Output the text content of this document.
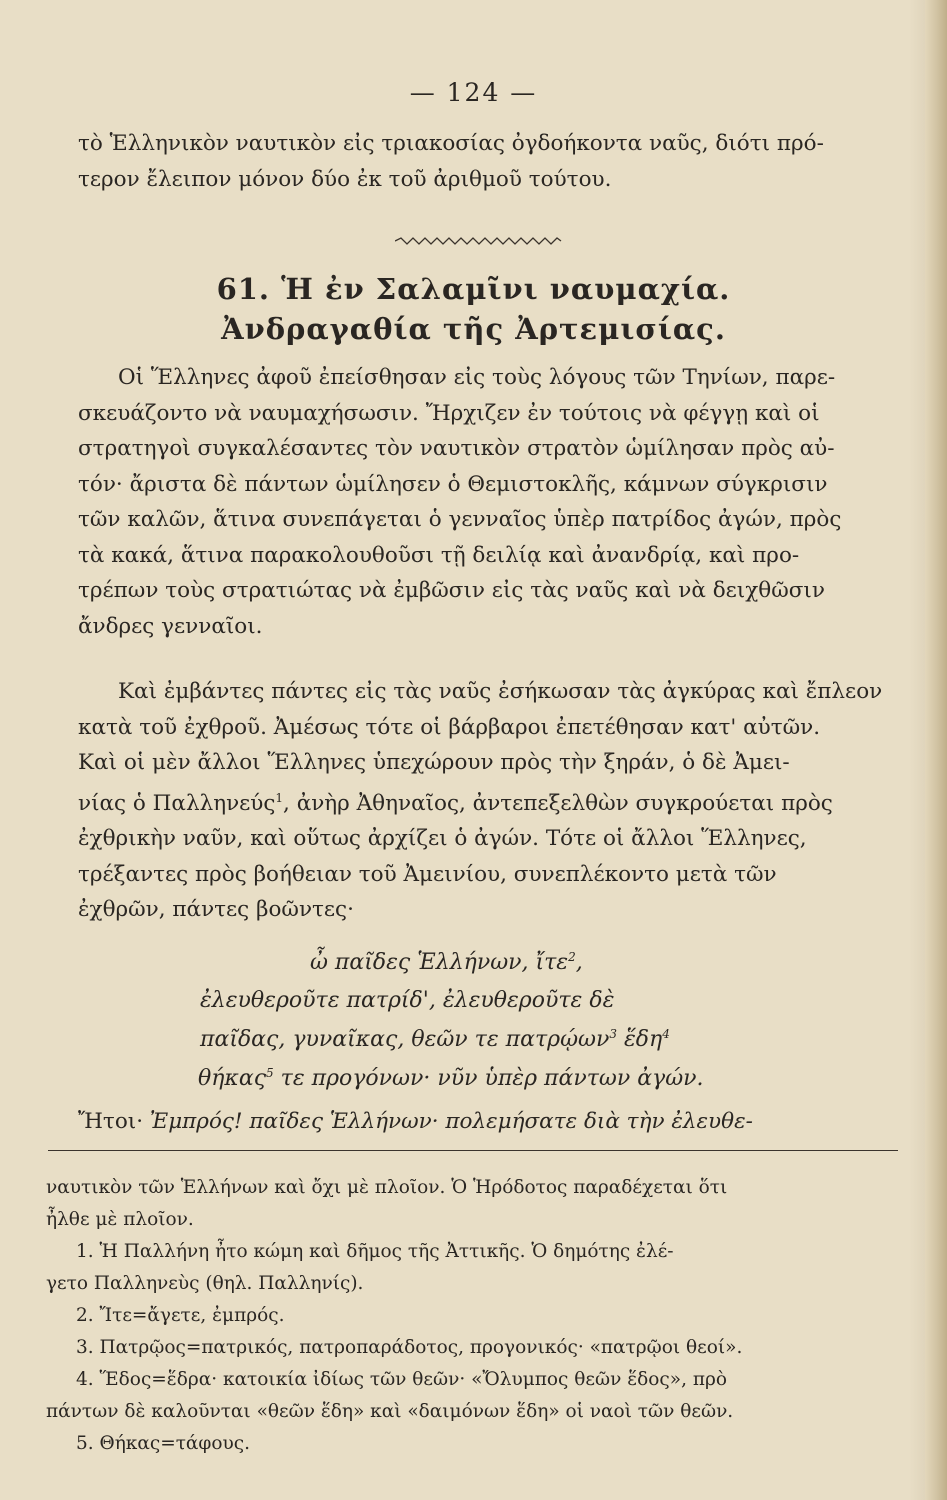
— 124 —
τὸ Ἑλληνικὸν ναυτικὸν εἰς τριακοσίας ὀγδοήκοντα ναῦς, διότι πρό-
τερον ἔλειπον μόνον δύο ἐκ τοῦ ἀριθμοῦ τούτου.
61. Ἡ ἐν Σαλαμῖνι ναυμαχία.
Ἀνδραγαθία τῆς Ἀρτεμισίας.
Οἱ Ἕλληνες ἀφοῦ ἐπείσθησαν εἰς τοὺς λόγους τῶν Τηνίων, παρε-
σκευάζοντο νὰ ναυμαχήσωσιν. Ἤρχιζεν ἐν τούτοις νὰ φέγγῃ καὶ οἱ
στρατηγοὶ συγκαλέσαντες τὸν ναυτικὸν στρατὸν ὡμίλησαν πρὸς αὐ-
τόν· ἄριστα δὲ πάντων ὡμίλησεν ὁ Θεμιστοκλῆς, κάμνων σύγκρισιν
τῶν καλῶν, ἅτινα συνεπάγεται ὁ γενναῖος ὑπὲρ πατρίδος ἀγών, πρὸς
τὰ κακά, ἅτινα παρακολουθοῦσι τῇ δειλίᾳ καὶ ἀνανδρίᾳ, καὶ προ-
τρέπων τοὺς στρατιώτας νὰ ἐμβῶσιν εἰς τὰς ναῦς καὶ νὰ δειχθῶσιν
ἄνδρες γενναῖοι.
Καὶ ἐμβάντες πάντες εἰς τὰς ναῦς ἐσήκωσαν τὰς ἀγκύρας καὶ ἔπλεον
κατὰ τοῦ ἐχθροῦ. Ἀμέσως τότε οἱ βάρβαροι ἐπετέθησαν κατ' αὐτῶν.
Καὶ οἱ μὲν ἄλλοι Ἕλληνες ὑπεχώρουν πρὸς τὴν ξηράν, ὁ δὲ Ἀμει-
νίας ὁ Παλληνεύς$^1$, ἀνὴρ Ἀθηναῖος, ἀντεπεξελθὼν συγκρούεται πρὸς
ἐχθρικὴν ναῦν, καὶ οὕτως ἀρχίζει ὁ ἀγών. Τότε οἱ ἄλλοι Ἕλληνες,
τρέξαντες πρὸς βοήθειαν τοῦ Ἀμεινίου, συνεπλέκοντο μετὰ τῶν
ἐχθρῶν, πάντες βοῶντες·
ὦ παῖδες Ἑλλήνων, ἴτε$^2$,
ἐλευθεροῦτε πατρίδ', ἐλευθεροῦτε δὲ
παῖδας, γυναῖκας, θεῶν τε πατρῴων$^3$ ἕδη$^4$
θήκας$^5$ τε προγόνων· νῦν ὑπὲρ πάντων ἀγών.
Ἤτοι· Ἐμπρός! παῖδες Ἑλλήνων· πολεμήσατε διὰ τὴν ἐλευθε-
ναυτικὸν τῶν Ἑλλήνων καὶ ὄχι μὲ πλοῖον. Ὁ Ἡρόδοτος παραδέχεται ὅτι
ἦλθε μὲ πλοῖον.
1. Ἡ Παλλήνη ἦτο κώμη καὶ δῆμος τῆς Ἀττικῆς. Ὁ δημότης ἐλέ-
γετο Παλληνεὺς (θηλ. Παλληνίς).
2. Ἴτε=ἄγετε, ἐμπρός.
3. Πατρῷος=πατρικός, πατροπαράδοτος, προγονικός· «πατρῷοι θεοί».
4. Ἕδος=ἕδρα· κατοικία ἰδίως τῶν θεῶν· «Ὄλυμπος θεῶν ἕδος», πρὸ
πάντων δὲ καλοῦνται «θεῶν ἕδη» καὶ «δαιμόνων ἕδη» οἱ ναοὶ τῶν θεῶν.
5. Θήκας=τάφους.
